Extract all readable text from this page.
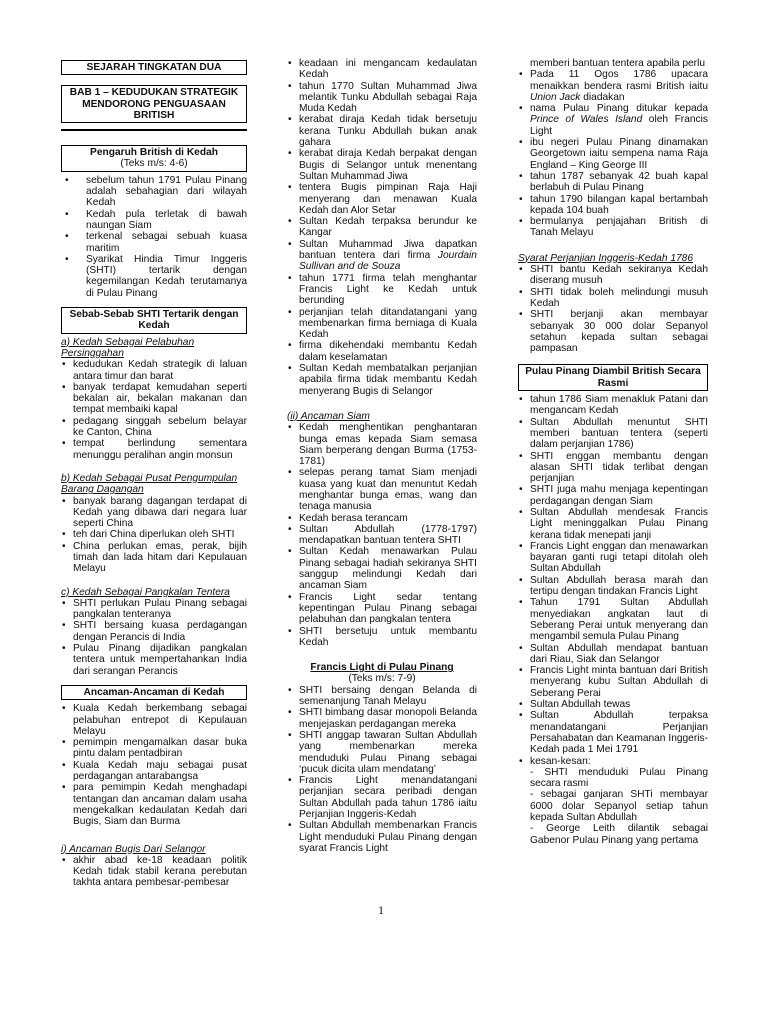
SEJARAH TINGKATAN DUA
BAB 1 – KEDUDUKAN STRATEGIK MENDORONG PENGUASAAN BRITISH
Pengaruh British di Kedah
(Teks m/s: 4-6)
• sebelum tahun 1791 Pulau Pinang adalah sebahagian dari wilayah Kedah
• Kedah pula terletak di bawah naungan Siam
• terkenal sebagai sebuah kuasa maritim
• Syarikat Hindia Timur Inggeris (SHTI) tertarik dengan kegemilangan Kedah terutamanya di Pulau Pinang
Sebab-Sebab SHTI Tertarik dengan Kedah
a) Kedah Sebagai Pelabuhan Persinggahan
• kedudukan Kedah strategik di laluan antara timur dan barat
• banyak terdapat kemudahan seperti bekalan air, bekalan makanan dan tempat membaiki kapal
• pedagang singgah sebelum belayar ke Canton, China
• tempat berlindung sementara menunggu peralihan angin monsun
b) Kedah Sebagai Pusat Pengumpulan Barang Dagangan
• banyak barang dagangan terdapat di Kedah yang dibawa dari negara luar seperti China
• teh dari China diperlukan oleh SHTI
• China perlukan emas, perak, bijih timah dan lada hitam dari Kepulauan Melayu
c) Kedah Sebagai Pangkalan Tentera
• SHTI perlukan Pulau Pinang sebagai pangkalan tenteranya
• SHTI bersaing kuasa perdagangan dengan Perancis di India
• Pulau Pinang dijadikan pangkalan tentera untuk mempertahankan India dari serangan Perancis
Ancaman-Ancaman di Kedah
• Kuala Kedah berkembang sebagai pelabuhan entrepot di Kepulauan Melayu
• pemimpin mengamalkan dasar buka pintu dalam pentadbiran
• Kuala Kedah maju sebagai pusat perdagangan antarabangsa
• para pemimpin Kedah menghadapi tentangan dan ancaman dalam usaha mengekalkan kedaulatan Kedah dari Bugis, Siam dan Burma
i) Ancaman Bugis Dari Selangor
• akhir abad ke-18 keadaan politik Kedah tidak stabil kerana perebutan takhta antara pembesar-pembesar
• keadaan ini mengancam kedaulatan Kedah
• tahun 1770 Sultan Muhammad Jiwa melantik Tunku Abdullah sebagai Raja Muda Kedah
• kerabat diraja Kedah tidak bersetuju kerana Tunku Abdullah bukan anak gahara
• kerabat diraja Kedah berpakat dengan Bugis di Selangor untuk menentang Sultan Muhammad Jiwa
• tentera Bugis pimpinan Raja Haji menyerang dan menawan Kuala Kedah dan Alor Setar
• Sultan Kedah terpaksa berundur ke Kangar
• Sultan Muhammad Jiwa dapatkan bantuan tentera dari firma Jourdain Sullivan and de Souza
• tahun 1771 firma telah menghantar Francis Light ke Kedah untuk berunding
• perjanjian telah ditandatangani yang membenarkan firma berniaga di Kuala Kedah
• firma dikehendaki membantu Kedah dalam keselamatan
• Sultan Kedah membatalkan perjanjian apabila firma tidak membantu Kedah menyerang Bugis di Selangor
(ii) Ancaman Siam
• Kedah menghentikan penghantaran bunga emas kepada Siam semasa Siam berperang dengan Burma (1753-1781)
• selepas perang tamat Siam menjadi kuasa yang kuat dan menuntut Kedah menghantar bunga emas, wang dan tenaga manusia
• Kedah berasa terancam
• Sultan Abdullah (1778-1797) mendapatkan bantuan tentera SHTI
• Sultan Kedah menawarkan Pulau Pinang sebagai hadiah sekiranya SHTI sanggup melindungi Kedah dari ancaman Siam
• Francis Light sedar tentang kepentingan Pulau Pinang sebagai pelabuhan dan pangkalan tentera
• SHTI bersetuju untuk membantu Kedah
Francis Light di Pulau Pinang
(Teks m/s: 7-9)
• SHTI bersaing dengan Belanda di semenanjung Tanah Melayu
• SHTI bimbang dasar monopoli Belanda menjejaskan perdagangan mereka
• SHTI anggap tawaran Sultan Abdullah yang membenarkan mereka menduduki Pulau Pinang sebagai ‘pucuk dicita ulam mendatang’
• Francis Light menandatangani perjanjian secara peribadi dengan Sultan Abdullah pada tahun 1786 iaitu Perjanjian Inggeris-Kedah
• Sultan Abdullah membenarkan Francis Light menduduki Pulau Pinang dengan syarat Francis Light
memberi bantuan tentera apabila perlu
• Pada 11 Ogos 1786 upacara menaikkan bendera rasmi British iaitu Union Jack diadakan
• nama Pulau Pinang ditukar kepada Prince of Wales Island oleh Francis Light
• ibu negeri Pulau Pinang dinamakan Georgetown iaitu sempena nama Raja England – King George III
• tahun 1787 sebanyak 42 buah kapal berlabuh di Pulau Pinang
• tahun 1790 bilangan kapal bertambah kepada 104 buah
• bermulanya penjajahan British di Tanah Melayu
Syarat Perjanjian Inggeris-Kedah 1786
• SHTI bantu Kedah sekiranya Kedah diserang musuh
• SHTI tidak boleh melindungi musuh Kedah
• SHTI berjanji akan membayar sebanyak 30 000 dolar Sepanyol setahun kepada sultan sebagai pampasan
Pulau Pinang Diambil British Secara Rasmi
• tahun 1786 Siam menakluk Patani dan mengancam Kedah
• Sultan Abdullah menuntut SHTI memberi bantuan tentera (seperti dalam perjanjian 1786)
• SHTI enggan membantu dengan alasan SHTI tidak terlibat dengan perjanjian
• SHTI juga mahu menjaga kepentingan perdagangan dengan Siam
• Sultan Abdullah mendesak Francis Light meninggalkan Pulau Pinang kerana tidak menepati janji
• Francis Light enggan dan menawarkan bayaran ganti rugi tetapi ditolah oleh Sultan Abdullah
• Sultan Abdullah berasa marah dan tertipu dengan tindakan Francis Light
• Tahun 1791 Sultan Abdullah menyediakan angkatan laut di Seberang Perai untuk menyerang dan mengambil semula Pulau Pinang
• Sultan Abdullah mendapat bantuan dari Riau, Siak dan Selangor
• Francis Light minta bantuan dari British menyerang kubu Sultan Abdullah di Seberang Perai
• Sultan Abdullah tewas
• Sultan Abdullah terpaksa menandatangani Perjanjian Persahabatan dan Keamanan Inggeris-Kedah pada 1 Mei 1791
• kesan-kesan:
- SHTI menduduki Pulau Pinang secara rasmi
- sebagai ganjaran SHTi membayar 6000 dolar Sepanyol setiap tahun kepada Sultan Abdullah
- George Leith dilantik sebagai Gabenor Pulau Pinang yang pertama
1
